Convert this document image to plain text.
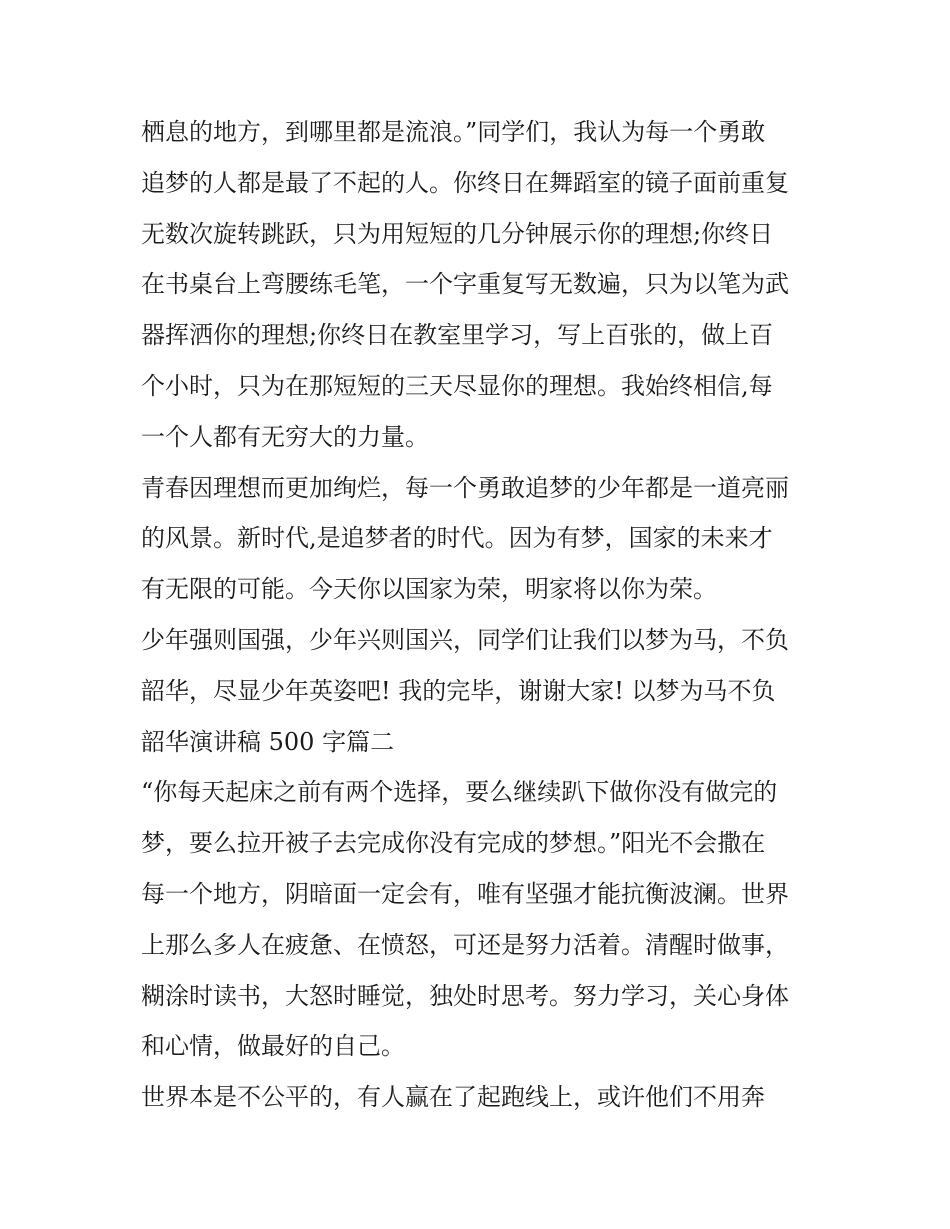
栖息的地方，到哪里都是流浪。”同学们，我认为每一个勇敢
追梦的人都是最了不起的人。你终日在舞蹈室的镜子面前重复
无数次旋转跳跃，只为用短短的几分钟展示你的理想;你终日
在书桌台上弯腰练毛笔，一个字重复写无数遍，只为以笔为武
器挥洒你的理想;你终日在教室里学习，写上百张的，做上百
个小时，只为在那短短的三天尽显你的理想。我始终相信,每
一个人都有无穷大的力量。
青春因理想而更加绚烂，每一个勇敢追梦的少年都是一道亮丽
的风景。新时代,是追梦者的时代。因为有梦，国家的未来才
有无限的可能。今天你以国家为荣，明家将以你为荣。
少年强则国强，少年兴则国兴，同学们让我们以梦为马，不负
韶华，尽显少年英姿吧! 我的完毕，谢谢大家! 以梦为马不负
韶华演讲稿 500 字篇二
“你每天起床之前有两个选择，要么继续趴下做你没有做完的
梦，要么拉开被子去完成你没有完成的梦想。”阳光不会撒在
每一个地方，阴暗面一定会有，唯有坚强才能抗衡波澜。世界
上那么多人在疲惫、在愤怒，可还是努力活着。清醒时做事，
糊涂时读书，大怒时睡觉，独处时思考。努力学习，关心身体
和心情，做最好的自己。
世界本是不公平的，有人赢在了起跑线上，或许他们不用奔
